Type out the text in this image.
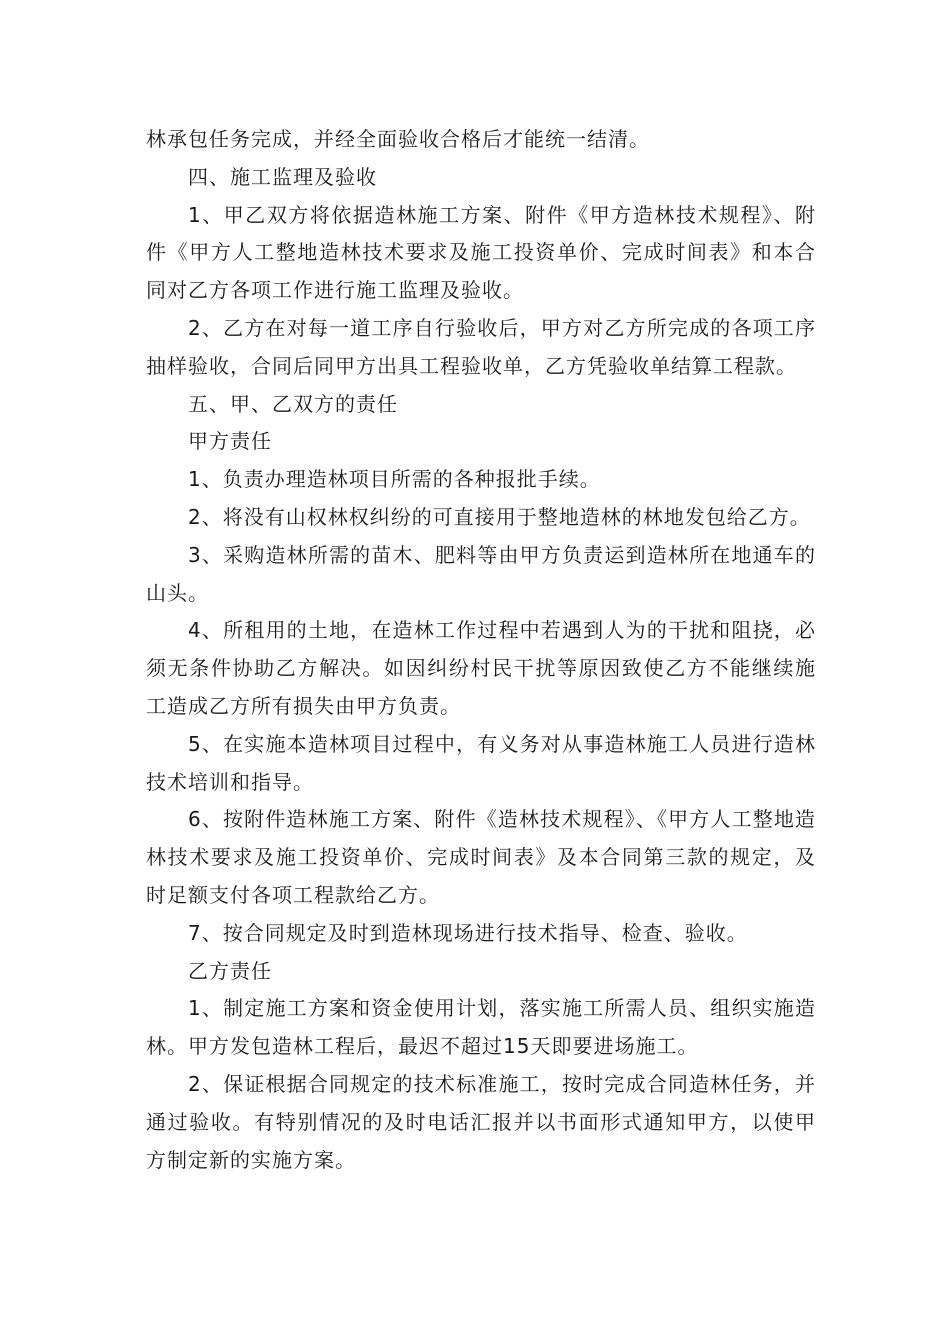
林承包任务完成，并经全面验收合格后才能统一结清。

四、施工监理及验收

1、甲乙双方将依据造林施工方案、附件《甲方造林技术规程》、附件《甲方人工整地造林技术要求及施工投资单价、完成时间表》和本合同对乙方各项工作进行施工监理及验收。

2、乙方在对每一道工序自行验收后，甲方对乙方所完成的各项工序抽样验收，合同后同甲方出具工程验收单，乙方凭验收单结算工程款。

五、甲、乙双方的责任

甲方责任

1、负责办理造林项目所需的各种报批手续。

2、将没有山权林权纠纷的可直接用于整地造林的林地发包给乙方。

3、采购造林所需的苗木、肥料等由甲方负责运到造林所在地通车的山头。

4、所租用的土地，在造林工作过程中若遇到人为的干扰和阻挠，必须无条件协助乙方解决。如因纠纷村民干扰等原因致使乙方不能继续施工造成乙方所有损失由甲方负责。

5、在实施本造林项目过程中，有义务对从事造林施工人员进行造林技术培训和指导。

6、按附件造林施工方案、附件《造林技术规程》、《甲方人工整地造林技术要求及施工投资单价、完成时间表》及本合同第三款的规定，及时足额支付各项工程款给乙方。

7、按合同规定及时到造林现场进行技术指导、检查、验收。

乙方责任

1、制定施工方案和资金使用计划，落实施工所需人员、组织实施造林。甲方发包造林工程后，最迟不超过15天即要进场施工。

2、保证根据合同规定的技术标准施工，按时完成合同造林任务，并通过验收。有特别情况的及时电话汇报并以书面形式通知甲方，以使甲方制定新的实施方案。
